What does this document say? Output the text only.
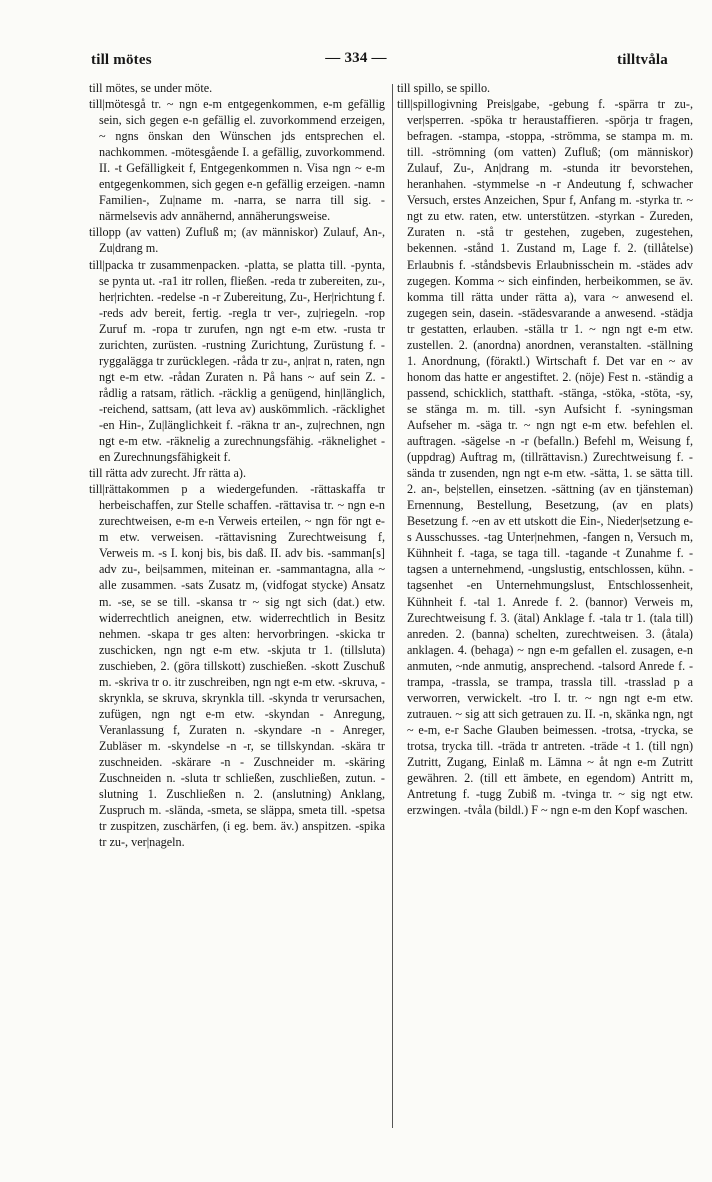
till mötes	— 334 —	tilltvåla

till mötes, se under möte.

till|mötesgå tr. ~ ngn e-m entgegenkommen, e-m gefällig sein, sich gegen e-n gefällig el. zuvorkommend erzeigen, ~ ngns önskan den Wünschen jds entsprechen el. nachkommen. -mötesgående I. a gefällig, zuvorkommend. II. -t Gefälligkeit f, Entgegenkommen n. Visa ngn ~ e-m entgegenkommen, sich gegen e-n gefällig erzeigen. -namn Familien-, Zu|name m. -narra, se narra till sig. -närmelsevis adv annähernd, annäherungsweise.

tillopp (av vatten) Zufluß m; (av människor) Zulauf, An-, Zu|drang m.

till|packa tr zusammenpacken. -platta, se platta till. -pynta, se pynta ut. -ra1 itr rollen, fließen. -reda tr zubereiten, zu-, her|richten. -redelse -n -r Zubereitung, Zu-, Her|richtung f. -reds adv bereit, fertig. -regla tr ver-, zu|riegeln. -rop Zuruf m. -ropa tr zurufen, ngn ngt e-m etw. -rusta tr zurichten, zurüsten. -rustning Zurichtung, Zurüstung f. -ryggalägga tr zurücklegen. -råda tr zu-, an|rat n, raten, ngn ngt e-m etw. -rådan Zuraten n. På hans ~ auf sein Z. -rådlig a ratsam, rätlich. -räcklig a genügend, hin|länglich, -reichend, sattsam, (att leva av) auskömmlich. -räcklighet -en Hin-, Zu|länglichkeit f. -räkna tr an-, zu|rechnen, ngn ngt e-m etw. -räknelig a zurechnungsfähig. -räknelighet -en Zurechnungsfähigkeit f.

till rätta adv zurecht. Jfr rätta a).

till|rättakommen p a wiedergefunden. -rättaskaffa tr herbeischaffen, zur Stelle schaffen. -rättavisa tr. ~ ngn e-n zurechtweisen, e-m e-n Verweis erteilen, ~ ngn för ngt e-m etw. verweisen. -rättavisning Zurechtweisung f, Verweis m. -s I. konj bis, bis daß. II. adv bis. -samman[s] adv zu-, bei|sammen, miteinan er. -sammantagna, alla ~ alle zusammen. -sats Zusatz m, (vidfogat stycke) Ansatz m. -se, se se till. -skansa tr ~ sig ngt sich (dat.) etw. widerrechtlich aneignen, etw. widerrechtlich in Besitz nehmen. -skapa tr ges alten: hervorbringen. -skicka tr zuschicken, ngn ngt e-m etw. -skjuta tr 1. (tillsluta) zuschieben, 2. (göra tillskott) zuschießen. -skott Zuschuß m. -skriva tr o. itr zuschreiben, ngn ngt e-m etw. -skruva, -skrynkla, se skruva, skrynkla till. -skynda tr verursachen, zufügen, ngn ngt e-m etw. -skyndan - Anregung, Veranlassung f, Zuraten n. -skyndare -n - Anreger, Zubläser m. -skyndelse -n -r, se tillskyndan. -skära tr zuschneiden. -skärare -n - Zuschneider m. -skäring Zuschneiden n. -sluta tr schließen, zuschließen, zutun. -slutning 1. Zuschließen n. 2. (anslutning) Anklang, Zuspruch m. -slända, -smeta, se släppa, smeta till. -spetsa tr zuspitzen, zuschärfen, (i eg. bem. äv.) anspitzen. -spika tr zu-, ver|nageln.

till spillo, se spillo.

till|spillogivning Preis|gabe, -gebung f. -spärra tr zu-, ver|sperren. -spöka tr heraustaffieren. -spörja tr fragen, befragen. -stampa, -stoppa, -strömma, se stampa m. m. till. -strömning (om vatten) Zufluß; (om människor) Zulauf, Zu-, An|drang m. -stunda itr bevorstehen, heranhahen. -stymmelse -n -r Andeutung f, schwacher Versuch, erstes Anzeichen, Spur f, Anfang m. -styrka tr. ~ ngt zu etw. raten, etw. unterstützen. -styrkan - Zureden, Zuraten n. -stå tr gestehen, zugeben, zugestehen, bekennen. -stånd 1. Zustand m, Lage f. 2. (tillåtelse) Erlaubnis f. -ståndsbevis Erlaubnisschein m. -städes adv zugegen. Komma ~ sich einfinden, herbeikommen, se äv. komma till rätta under rätta a), vara ~ anwesend el. zugegen sein, dasein. -städesvarande a anwesend. -städja tr gestatten, erlauben. -ställa tr 1. ~ ngn ngt e-m etw. zustellen. 2. (anordna) anordnen, veranstalten. -ställning 1. Anordnung, (förаktl.) Wirtschaft f. Det var en ~ av honom das hatte er angestiftet. 2. (nöje) Fest n. -ständig a passend, schicklich, statthaft. -stänga, -stöka, -stöta, -sy, se stänga m. m. till. -syn Aufsicht f. -syningsman Aufseher m. -säga tr. ~ ngn ngt e-m etw. befehlen el. auftragen. -sägelse -n -r (befalln.) Befehl m, Weisung f, (uppdrag) Auftrag m, (tillrättavisn.) Zurechtweisung f. -sända tr zusenden, ngn ngt e-m etw. -sätta, 1. se sätta till. 2. an-, be|stellen, einsetzen. -sättning (av en tjänsteman) Ernennung, Bestellung, Besetzung, (av en plats) Besetzung f. ~en av ett utskott die Ein-, Nieder|setzung e-s Ausschusses. -tag Unter|nehmen, -fangen n, Versuch m, Kühnheit f. -taga, se taga till. -tagande -t Zunahme f. -tagsen a unternehmend, -ungslustig, entschlossen, kühn. -tagsenhet -en Unternehmungslust, Entschlossenheit, Kühnheit f. -tal 1. Anrede f. 2. (bannor) Verweis m, Zurechtweisung f. 3. (ätal) Anklage f. -tala tr 1. (tala till) anreden. 2. (banna) schelten, zurechtweisen. 3. (åtala) anklagen. 4. (behaga) ~ ngn e-m gefallen el. zusagen, e-n anmuten, ~nde anmutig, ansprechend. -talsord Anrede f. -trampa, -trassla, se trampa, trassla till. -trasslad p a verworren, verwickelt. -tro I. tr. ~ ngn ngt e-m etw. zutrauen. ~ sig att sich getrauen zu. II. -n, skänka ngn, ngt ~ e-m, e-r Sache Glauben beimessen. -trotsa, -trycka, se trotsa, trycka till. -träda tr antreten. -träde -t 1. (till ngn) Zutritt, Zugang, Einlaß m. Lämna ~ åt ngn e-m Zutritt gewähren. 2. (till ett ämbete, en egendom) Antritt m, Antretung f. -tugg Zubiß m. -tvinga tr. ~ sig ngt etw. erzwingen. -tvåla (bildl.) F ~ ngn e-m den Kopf waschen.
